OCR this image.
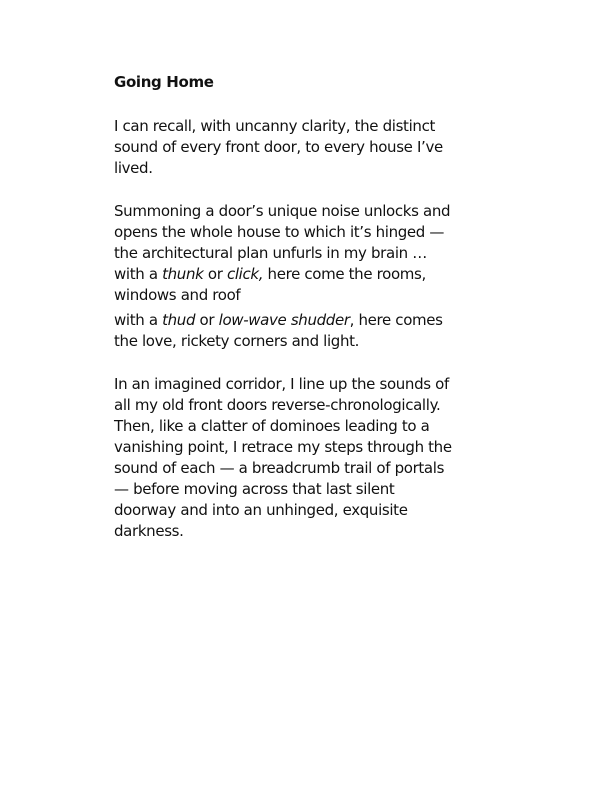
Going Home
I can recall, with uncanny clarity, the distinct
sound of every front door, to every house I’ve
lived.
Summoning a door’s unique noise unlocks and
opens the whole house to which it’s hinged —
the architectural plan unfurls in my brain …
with a thunk or click, here come the rooms,
windows and roof
with a thud or low-wave shudder, here comes
the love, rickety corners and light.
In an imagined corridor, I line up the sounds of
all my old front doors reverse-chronologically.
Then, like a clatter of dominoes leading to a
vanishing point, I retrace my steps through the
sound of each — a breadcrumb trail of portals
— before moving across that last silent
doorway and into an unhinged, exquisite
darkness.
